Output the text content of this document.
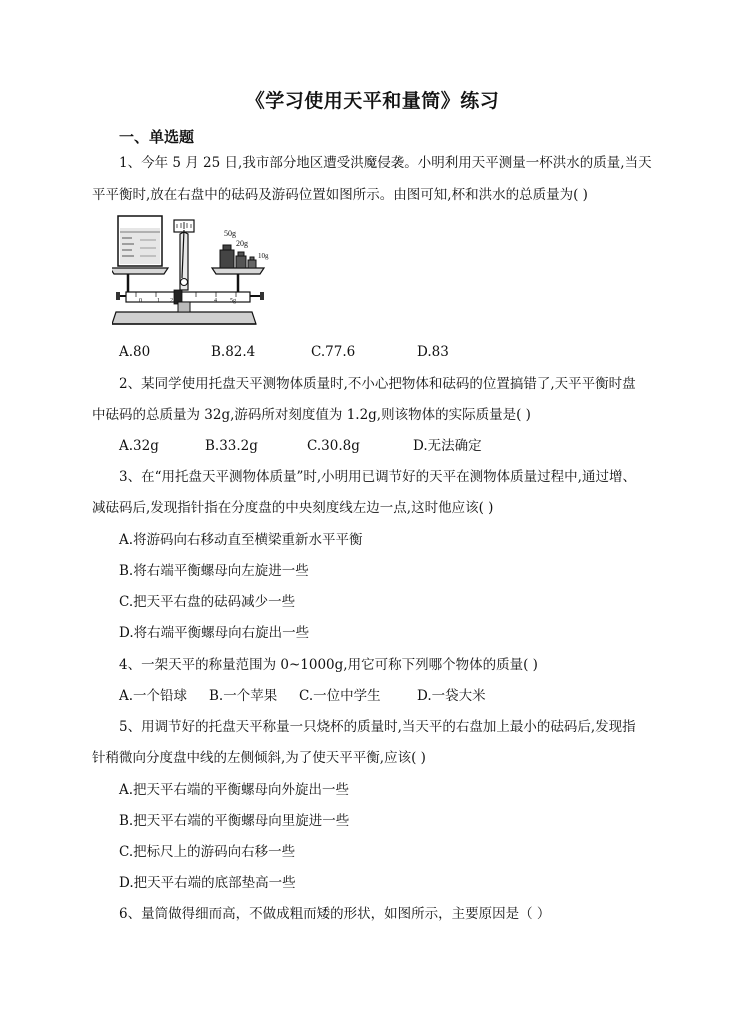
《学习使用天平和量筒》练习
一、单选题
1、今年 5 月 25 日,我市部分地区遭受洪魔侵袭。小明利用天平测量一杯洪水的质量,当天
平平衡时,放在右盘中的砝码及游码位置如图所示。由图可知,杯和洪水的总质量为( )
50g
20g
10g
0	1 2	4 5g
A.80	B.82.4	C.77.6	D.83
2、某同学使用托盘天平测物体质量时,不小心把物体和砝码的位置搞错了,天平平衡时盘
中砝码的总质量为 32g,游码所对刻度值为 1.2g,则该物体的实际质量是( )
A.32g	B.33.2g	C.30.8g	D.无法确定
3、在“用托盘天平测物体质量”时,小明用已调节好的天平在测物体质量过程中,通过增、
减砝码后,发现指针指在分度盘的中央刻度线左边一点,这时他应该( )
A.将游码向右移动直至横梁重新水平平衡
B.将右端平衡螺母向左旋进一些
C.把天平右盘的砝码减少一些
D.将右端平衡螺母向右旋出一些
4、一架天平的称量范围为 0~1000g,用它可称下列哪个物体的质量( )
A.一个铅球 B.一个苹果 C.一位中学生	D.一袋大米
5、用调节好的托盘天平称量一只烧杯的质量时,当天平的右盘加上最小的砝码后,发现指
针稍微向分度盘中线的左侧倾斜,为了使天平平衡,应该( )
A.把天平右端的平衡螺母向外旋出一些
B.把天平右端的平衡螺母向里旋进一些
C.把标尺上的游码向右移一些
D.把天平右端的底部垫高一些
6、量筒做得细而高，不做成粗而矮的形状，如图所示，主要原因是（ ）
